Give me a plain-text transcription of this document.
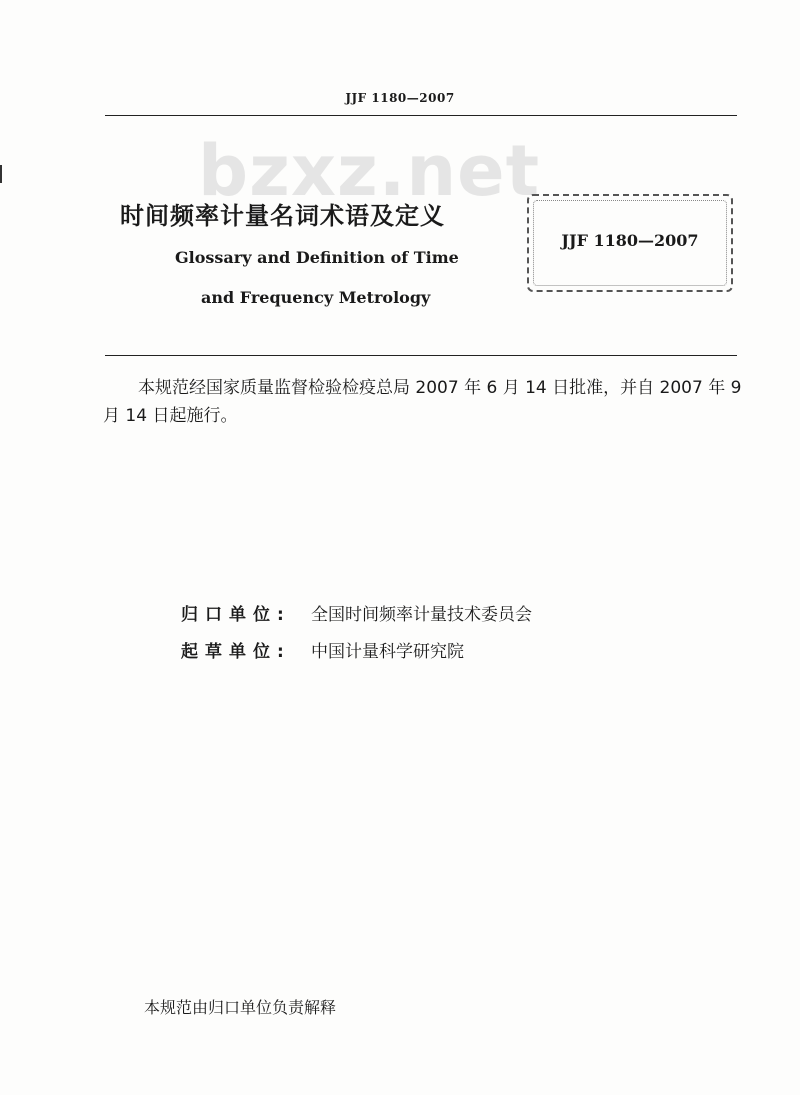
JJF 1180—2007
bzxz.net
时间频率计量名词术语及定义
Glossary and Definition of Time
and Frequency Metrology
JJF 1180—2007
本规范经国家质量监督检验检疫总局 2007 年 6 月 14 日批准，并自 2007 年 9 月 14 日起施行。
归口单位:	全国时间频率计量技术委员会
起草单位:	中国计量科学研究院
本规范由归口单位负责解释
